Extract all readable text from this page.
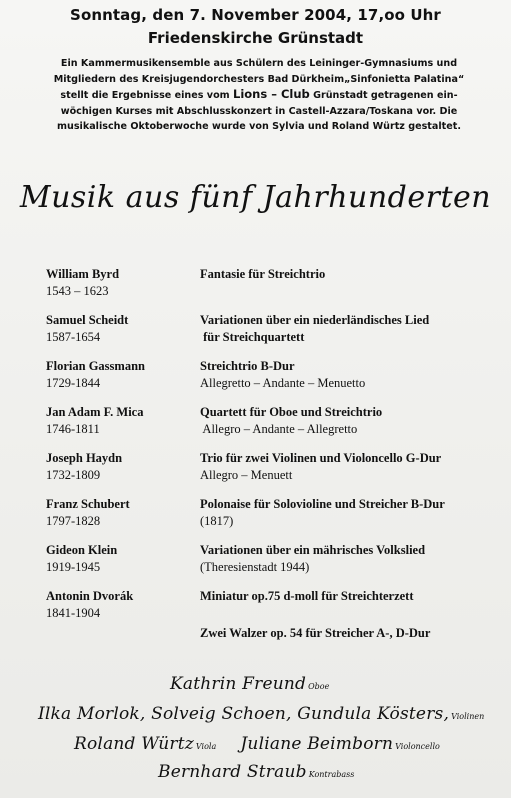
Sonntag, den 7. November 2004, 17,oo Uhr
Friedenskirche Grünstadt
Ein Kammermusikensemble aus Schülern des Leininger-Gymnasiums und
Mitgliedern des Kreisjugendorchesters Bad Dürkheim„Sinfonietta Palatina“
stellt die Ergebnisse eines vom Lions – Club Grünstadt getragenen ein-
wöchigen Kurses mit Abschlusskonzert in Castell-Azzara/Toskana vor. Die
musikalische Oktoberwoche wurde von Sylvia und Roland Würtz gestaltet.
Musik aus fünf Jahrhunderten
William Byrd
1543 – 1623
Fantasie für Streichtrio
Samuel Scheidt
1587-1654
Variationen über ein niederländisches Lied
für Streichquartett
Florian Gassmann
1729-1844
Streichtrio B-Dur
Allegretto – Andante – Menuetto
Jan Adam F. Mica
1746-1811
Quartett für Oboe und Streichtrio
Allegro – Andante – Allegretto
Joseph Haydn
1732-1809
Trio für zwei Violinen und Violoncello G-Dur
Allegro – Menuett
Franz Schubert
1797-1828
Polonaise für Solovioline und Streicher B-Dur
(1817)
Gideon Klein
1919-1945
Variationen über ein mährisches Volkslied
(Theresienstadt 1944)
Antonin Dvorák
1841-1904
Miniatur op.75 d-moll für Streichterzett
Zwei Walzer op. 54 für Streicher A-, D-Dur
Kathrin Freund Oboe
Ilka Morlok, Solveig Schoen, Gundula Kösters, Violinen
Roland Würtz Viola Juliane Beimborn Violoncello
Bernhard Straub Kontrabass
